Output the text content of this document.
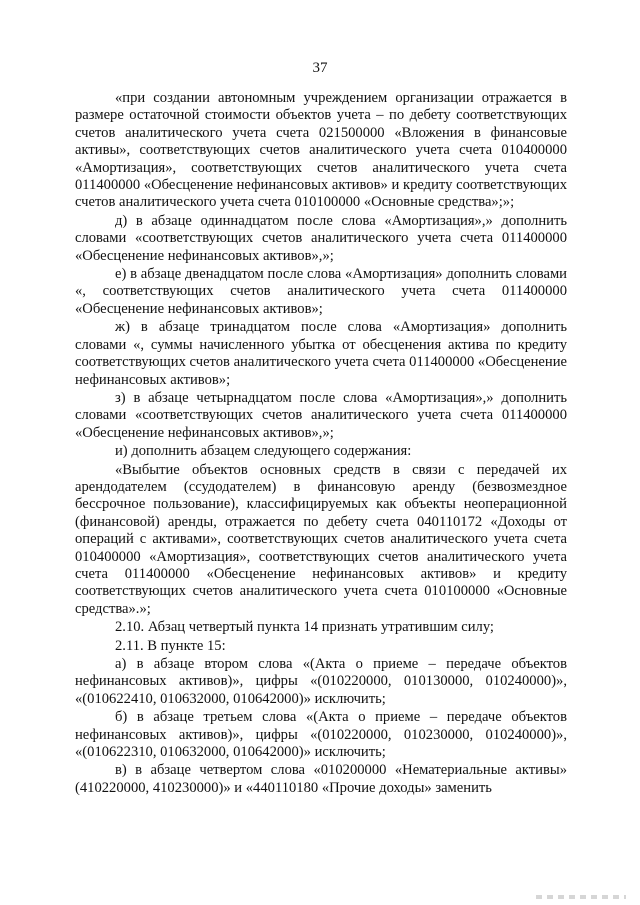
37

«при создании автономным учреждением организации отражается в размере остаточной стоимости объектов учета – по дебету соответствующих счетов аналитического учета счета 021500000 «Вложения в финансовые активы», соответствующих счетов аналитического учета счета 010400000 «Амортизация», соответствующих счетов аналитического учета счета 011400000 «Обесценение нефинансовых активов» и кредиту соответствующих счетов аналитического учета счета 010100000 «Основные средства»;»;

д) в абзаце одиннадцатом после слова «Амортизация»,» дополнить словами «соответствующих счетов аналитического учета счета 011400000 «Обесценение нефинансовых активов»,»;

е) в абзаце двенадцатом после слова «Амортизация» дополнить словами «, соответствующих счетов аналитического учета счета 011400000 «Обесценение нефинансовых активов»;

ж) в абзаце тринадцатом после слова «Амортизация» дополнить словами «, суммы начисленного убытка от обесценения актива по кредиту соответствующих счетов аналитического учета счета 011400000 «Обесценение нефинансовых активов»;

з) в абзаце четырнадцатом после слова «Амортизация»,» дополнить словами «соответствующих счетов аналитического учета счета 011400000 «Обесценение нефинансовых активов»,»;

и) дополнить абзацем следующего содержания:

«Выбытие объектов основных средств в связи с передачей их арендодателем (ссудодателем) в финансовую аренду (безвозмездное бессрочное пользование), классифицируемых как объекты неоперационной (финансовой) аренды, отражается по дебету счета 040110172 «Доходы от операций с активами», соответствующих счетов аналитического учета счета 010400000 «Амортизация», соответствующих счетов аналитического учета счета 011400000 «Обесценение нефинансовых активов» и кредиту соответствующих счетов аналитического учета счета 010100000 «Основные средства».»;

2.10. Абзац четвертый пункта 14 признать утратившим силу;

2.11. В пункте 15:

а) в абзаце втором слова «(Акта о приеме – передаче объектов нефинансовых активов)», цифры «(010220000, 010130000, 010240000)», «(010622410, 010632000, 010642000)» исключить;

б) в абзаце третьем слова «(Акта о приеме – передаче объектов нефинансовых активов)», цифры «(010220000, 010230000, 010240000)», «(010622310, 010632000, 010642000)» исключить;

в) в абзаце четвертом слова «010200000 «Нематериальные активы» (410220000, 410230000)» и «440110180 «Прочие доходы» заменить
